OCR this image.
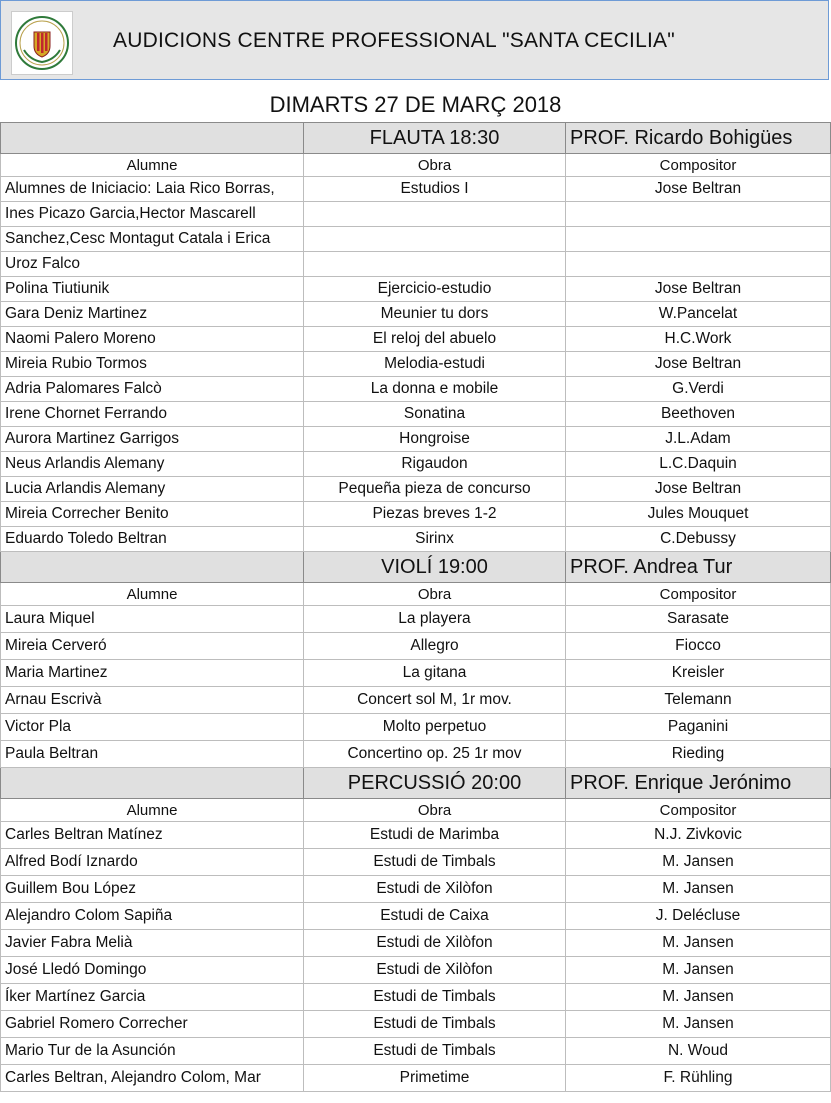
AUDICIONS CENTRE PROFESSIONAL "SANTA CECILIA"
DIMARTS 27 DE MARÇ 2018
	FLAUTA 18:30	PROF. Ricardo Bohigües
Alumne	Obra	Compositor
Alumnes de Iniciacio: Laia Rico Borras,	Estudios I	Jose Beltran
Ines Picazo Garcia,Hector Mascarell		
Sanchez,Cesc Montagut Catala i Erica		
Uroz Falco		
Polina Tiutiunik	Ejercicio-estudio	Jose Beltran
Gara Deniz Martinez	Meunier tu dors	W.Pancelat
Naomi Palero Moreno	El reloj del abuelo	H.C.Work
Mireia Rubio Tormos	Melodia-estudi	Jose Beltran
Adria Palomares Falcò	La donna e mobile	G.Verdi
Irene Chornet Ferrando	Sonatina	Beethoven
Aurora Martinez Garrigos	Hongroise	J.L.Adam
Neus Arlandis Alemany	Rigaudon	L.C.Daquin
Lucia Arlandis Alemany	Pequeña pieza de concurso	Jose Beltran
Mireia Correcher Benito	Piezas breves 1-2	Jules Mouquet
Eduardo Toledo Beltran	Sirinx	C.Debussy
	VIOLÍ 19:00	PROF. Andrea Tur
Alumne	Obra	Compositor
Laura Miquel	La playera	Sarasate
Mireia Cerveró	Allegro	Fiocco
Maria Martinez	La gitana	Kreisler
Arnau Escrivà	Concert sol M, 1r mov.	Telemann
Victor Pla	Molto perpetuo	Paganini
Paula Beltran	Concertino op. 25 1r mov	Rieding
	PERCUSSIÓ 20:00	PROF. Enrique Jerónimo
Alumne	Obra	Compositor
Carles Beltran Matínez	Estudi de Marimba	N.J. Zivkovic
Alfred Bodí Iznardo	Estudi de Timbals	M. Jansen
Guillem Bou López	Estudi de Xilòfon	M. Jansen
Alejandro Colom Sapiña	Estudi de Caixa	J. Delécluse
Javier Fabra Melià	Estudi de Xilòfon	M. Jansen
José Lledó Domingo	Estudi de Xilòfon	M. Jansen
Íker Martínez Garcia	Estudi de Timbals	M. Jansen
Gabriel Romero Correcher	Estudi de Timbals	M. Jansen
Mario Tur de la Asunción	Estudi de Timbals	N. Woud
Carles Beltran, Alejandro Colom, Mar	Primetime	F. Rühling
